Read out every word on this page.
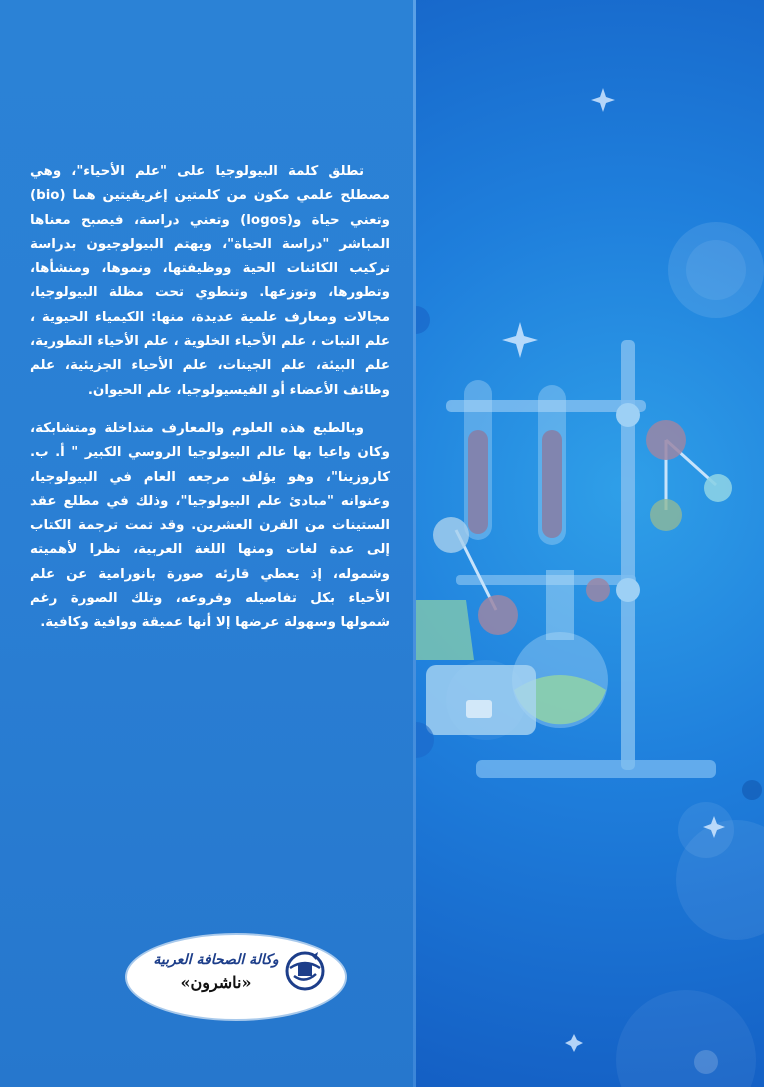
تطلق كلمة البيولوجيا على "علم الأحياء"، وهي مصطلح علمي مكون من كلمتين إغريقيتين هما (bio) وتعني حياة و(logos) وتعني دراسة، فيصبح معناها المباشر "دراسة الحياة"، ويهتم البيولوجيون بدراسة تركيب الكائنات الحية ووظيفتها، ونموها، ومنشأها، وتطورها، وتوزعها. وتنطوي تحت مظلة البيولوجيا، مجالات ومعارف علمية عديدة، منها: الكيمياء الحيوية ، علم النبات ، علم الأحياء الخلوية ، علم الأحياء التطورية، علم البيئة، علم الجينات، علم الأحياء الجزيئية، علم وظائف الأعضاء أو الفيسيولوجيا، علم الحيوان.

وبالطبع هذه العلوم والمعارف متداخلة ومتشابكة، وكان واعيا بها عالم البيولوجيا الروسي الكبير " أ. ب. كاروزينا"، وهو يؤلف مرجعه العام في البيولوجيا، وعنوانه "مبادئ علم البيولوجيا"، وذلك في مطلع عقد الستينات من القرن العشرين. وقد تمت ترجمة الكتاب إلى عدة لغات ومنها اللغة العربية، نظرا لأهميته وشموله، إذ يعطي قارئه صورة بانورامية عن علم الأحياء بكل تفاصيله وفروعه، وتلك الصورة رغم شمولها وسهولة عرضها إلا أنها عميقة ووافية وكافية.

وكالة الصحافة العربية
«ناشرون»
